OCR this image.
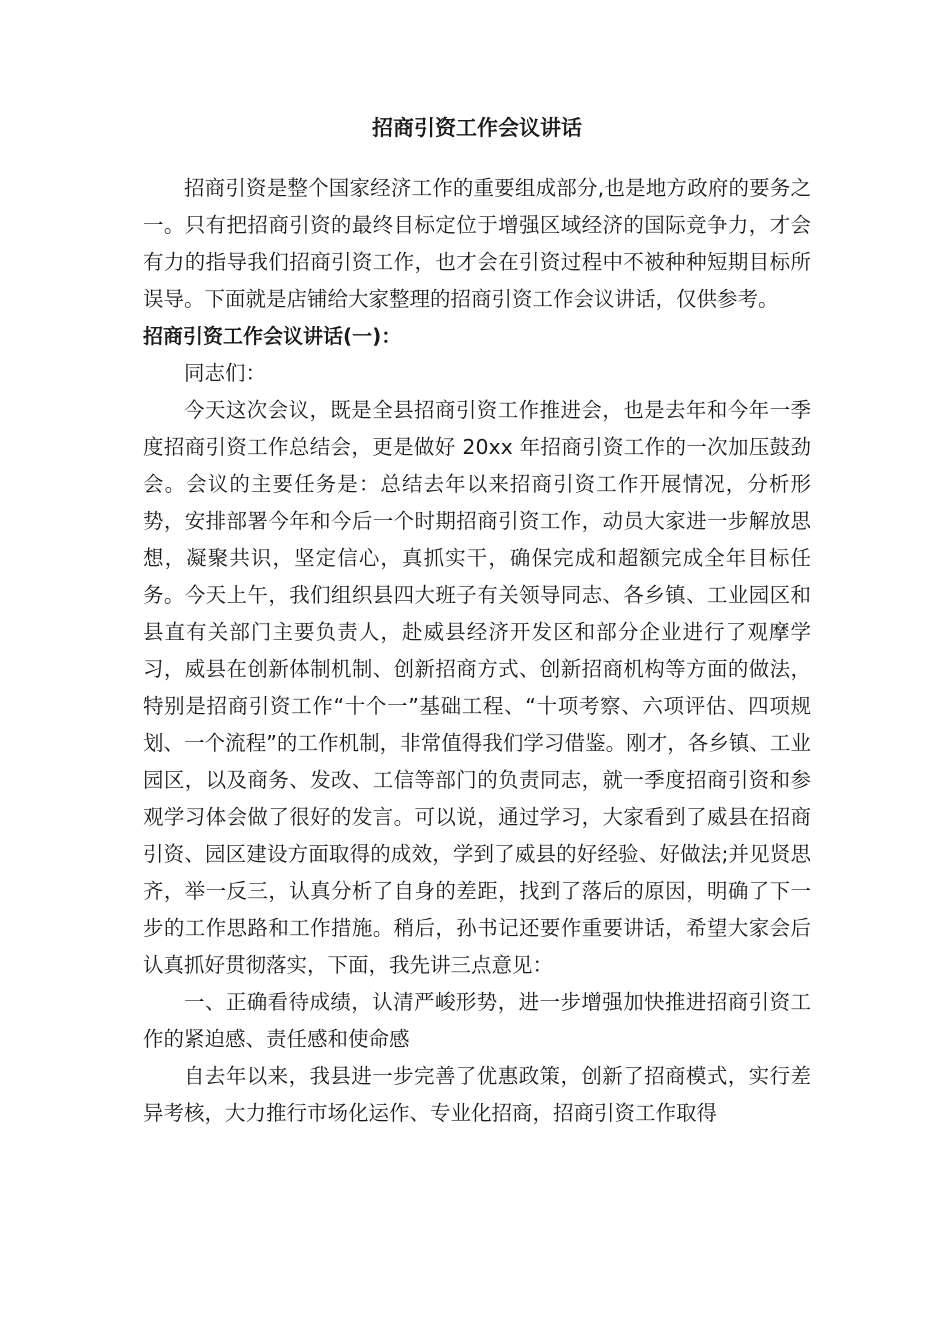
招商引资工作会议讲话

招商引资是整个国家经济工作的重要组成部分,也是地方政府的要务之一。只有把招商引资的最终目标定位于增强区域经济的国际竞争力，才会有力的指导我们招商引资工作，也才会在引资过程中不被种种短期目标所误导。下面就是店铺给大家整理的招商引资工作会议讲话，仅供参考。

招商引资工作会议讲话(一)：

同志们：

今天这次会议，既是全县招商引资工作推进会，也是去年和今年一季度招商引资工作总结会，更是做好 20xx 年招商引资工作的一次加压鼓劲会。会议的主要任务是：总结去年以来招商引资工作开展情况，分析形势，安排部署今年和今后一个时期招商引资工作，动员大家进一步解放思想，凝聚共识，坚定信心，真抓实干，确保完成和超额完成全年目标任务。今天上午，我们组织县四大班子有关领导同志、各乡镇、工业园区和县直有关部门主要负责人，赴威县经济开发区和部分企业进行了观摩学习，威县在创新体制机制、创新招商方式、创新招商机构等方面的做法，特别是招商引资工作“十个一”基础工程、“十项考察、六项评估、四项规划、一个流程”的工作机制，非常值得我们学习借鉴。刚才，各乡镇、工业园区，以及商务、发改、工信等部门的负责同志，就一季度招商引资和参观学习体会做了很好的发言。可以说，通过学习，大家看到了威县在招商引资、园区建设方面取得的成效，学到了威县的好经验、好做法;并见贤思齐，举一反三，认真分析了自身的差距，找到了落后的原因，明确了下一步的工作思路和工作措施。稍后，孙书记还要作重要讲话，希望大家会后认真抓好贯彻落实，下面，我先讲三点意见：

一、正确看待成绩，认清严峻形势，进一步增强加快推进招商引资工作的紧迫感、责任感和使命感

自去年以来，我县进一步完善了优惠政策，创新了招商模式，实行差异考核，大力推行市场化运作、专业化招商，招商引资工作取得
